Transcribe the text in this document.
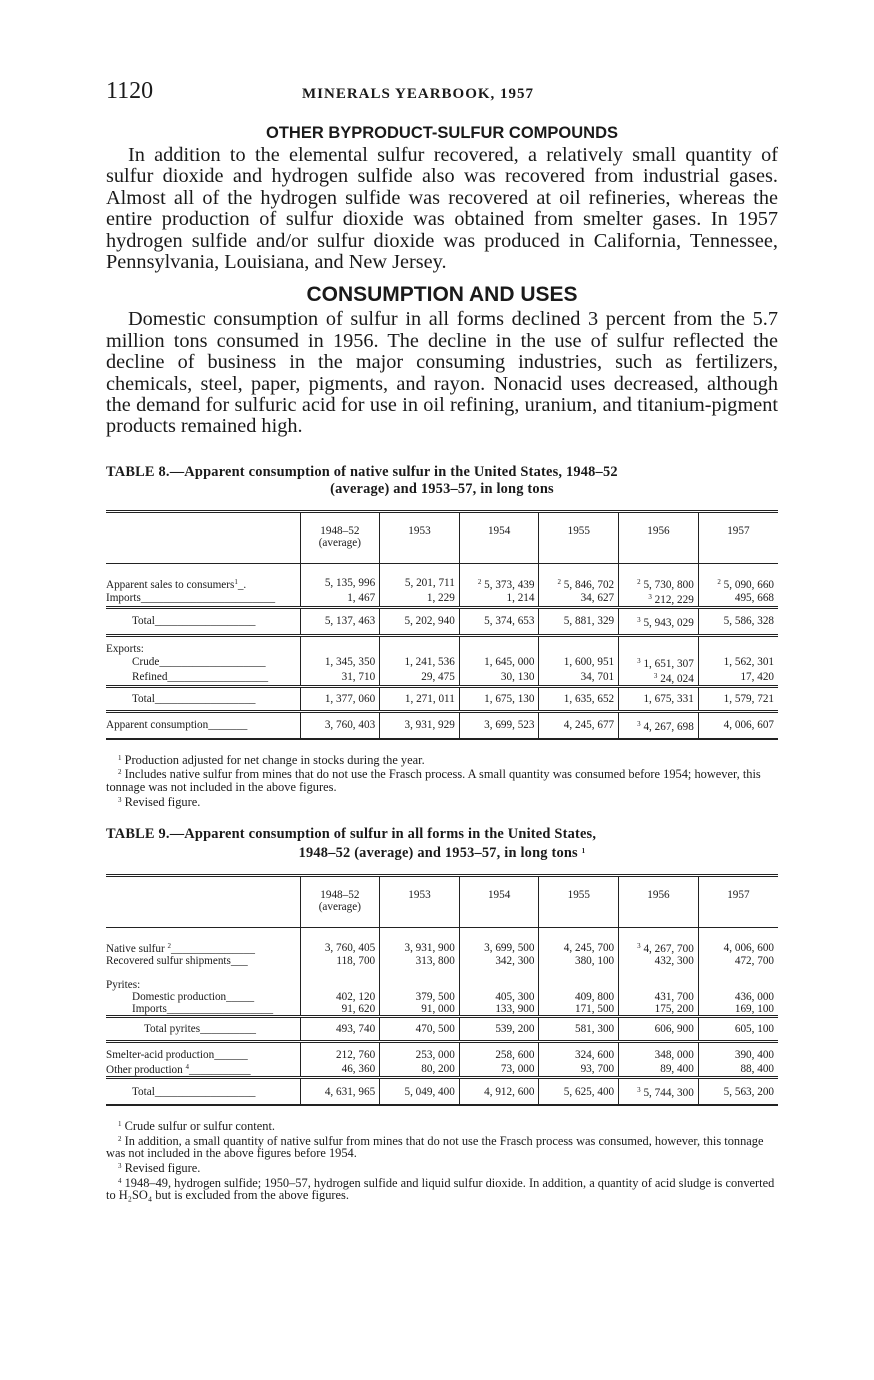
1120	MINERALS YEARBOOK, 1957
OTHER BYPRODUCT-SULFUR COMPOUNDS

In addition to the elemental sulfur recovered, a relatively small quantity of sulfur dioxide and hydrogen sulfide also was recovered from industrial gases. Almost all of the hydrogen sulfide was recovered at oil refineries, whereas the entire production of sulfur dioxide was obtained from smelter gases. In 1957 hydrogen sulfide and/or sulfur dioxide was produced in California, Tennessee, Pennsylvania, Louisiana, and New Jersey.

CONSUMPTION AND USES

Domestic consumption of sulfur in all forms declined 3 percent from the 5.7 million tons consumed in 1956. The decline in the use of sulfur reflected the decline of business in the major consuming industries, such as fertilizers, chemicals, steel, paper, pigments, and rayon. Nonacid uses decreased, although the demand for sulfuric acid for use in oil refining, uranium, and titanium-pigment products remained high.

TABLE 8.—Apparent consumption of native sulfur in the United States, 1948–52
(average) and 1953–57, in long tons

	1948–52
(average)	1953	1954	1955	1956	1957

Apparent sales to consumers$^1$_.	5, 135, 996	5, 201, 711	$^2$ 5, 373, 439	$^2$ 5, 846, 702	$^2$ 5, 730, 800	$^2$ 5, 090, 660
Imports________________________	1, 467	1, 229	1, 214	34, 627	$^3$ 212, 229	495, 668
Total__________________	5, 137, 463	5, 202, 940	5, 374, 653	5, 881, 329	$^3$ 5, 943, 029	5, 586, 328
Exports:						
Crude___________________	1, 345, 350	1, 241, 536	1, 645, 000	1, 600, 951	$^3$ 1, 651, 307	1, 562, 301
Refined__________________	31, 710	29, 475	30, 130	34, 701	$^3$ 24, 024	17, 420
Total__________________	1, 377, 060	1, 271, 011	1, 675, 130	1, 635, 652	1, 675, 331	1, 579, 721
Apparent consumption_______	3, 760, 403	3, 931, 929	3, 699, 523	4, 245, 677	$^3$ 4, 267, 698	4, 006, 607
$^1$ Production adjusted for net change in stocks during the year.
$^2$ Includes native sulfur from mines that do not use the Frasch process. A small quantity was consumed before 1954; however, this tonnage was not included in the above figures.
$^3$ Revised figure.

TABLE 9.—Apparent consumption of sulfur in all forms in the United States,
1948–52 (average) and 1953–57, in long tons $^1$

	1948–52
(average)	1953	1954	1955	1956	1957

Native sulfur $^2$_______________	3, 760, 405	3, 931, 900	3, 699, 500	4, 245, 700	$^3$ 4, 267, 700	4, 006, 600
Recovered sulfur shipments___	118, 700	313, 800	342, 300	380, 100	432, 300	472, 700

Pyrites:						
Domestic production_____	402, 120	379, 500	405, 300	409, 800	431, 700	436, 000
Imports___________________	91, 620	91, 000	133, 900	171, 500	175, 200	169, 100
Total pyrites__________	493, 740	470, 500	539, 200	581, 300	606, 900	605, 100
Smelter-acid production______	212, 760	253, 000	258, 600	324, 600	348, 000	390, 400
Other production $^4$___________	46, 360	80, 200	73, 000	93, 700	89, 400	88, 400
Total__________________	4, 631, 965	5, 049, 400	4, 912, 600	5, 625, 400	$^3$ 5, 744, 300	5, 563, 200
$^1$ Crude sulfur or sulfur content.
$^2$ In addition, a small quantity of native sulfur from mines that do not use the Frasch process was consumed, however, this tonnage was not included in the above figures before 1954.
$^3$ Revised figure.
$^4$ 1948–49, hydrogen sulfide; 1950–57, hydrogen sulfide and liquid sulfur dioxide. In addition, a quantity of acid sludge is converted to H₂SO₄ but is excluded from the above figures.
